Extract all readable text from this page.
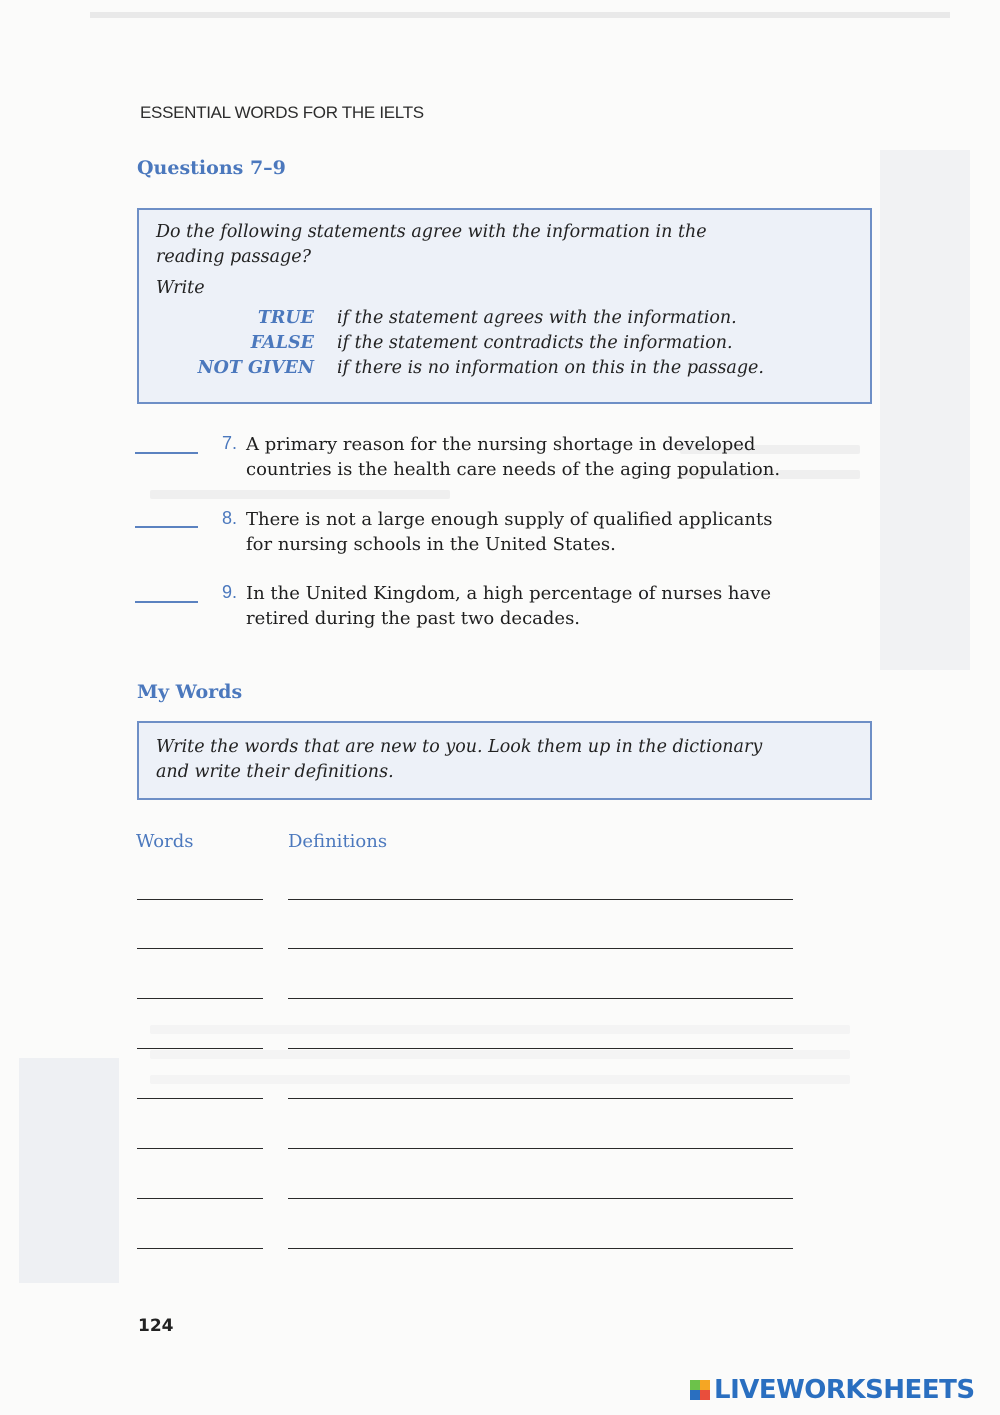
ESSENTIAL WORDS FOR THE IELTS
Questions 7–9
Do the following statements agree with the information in the
reading passage?
Write
TRUE if the statement agrees with the information.
FALSE if the statement contradicts the information.
NOT GIVEN if there is no information on this in the passage.
7. A primary reason for the nursing shortage in developed
countries is the health care needs of the aging population.
8. There is not a large enough supply of qualified applicants
for nursing schools in the United States.
9. In the United Kingdom, a high percentage of nurses have
retired during the past two decades.
My Words
Write the words that are new to you. Look them up in the dictionary
and write their definitions.
Words	Definitions
124
LIVEWORKSHEETS
